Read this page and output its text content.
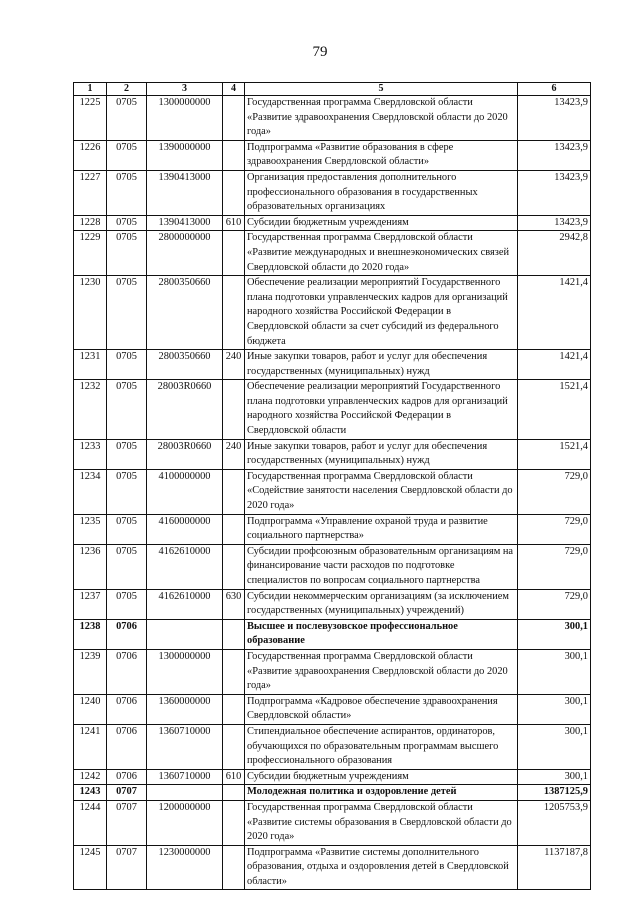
79
1	2	3	4	5	6
1225	0705	1300000000		Государственная программа Свердловской области «Развитие здравоохранения Свердловской области до 2020 года»	13423,9
1226	0705	1390000000		Подпрограмма «Развитие образования в сфере здравоохранения Свердловской области»	13423,9
1227	0705	1390413000		Организация предоставления дополнительного профессионального образования в государственных образовательных организациях	13423,9
1228	0705	1390413000	610	Субсидии бюджетным учреждениям	13423,9
1229	0705	2800000000		Государственная программа Свердловской области «Развитие международных и внешнеэкономических связей Свердловской области до 2020 года»	2942,8
1230	0705	2800350660		Обеспечение реализации мероприятий Государственного плана подготовки управленческих кадров для организаций народного хозяйства Российской Федерации в Свердловской области за счет субсидий из федерального бюджета	1421,4
1231	0705	2800350660	240	Иные закупки товаров, работ и услуг для обеспечения государственных (муниципальных) нужд	1421,4
1232	0705	28003R0660		Обеспечение реализации мероприятий Государственного плана подготовки управленческих кадров для организаций народного хозяйства Российской Федерации в Свердловской области	1521,4
1233	0705	28003R0660	240	Иные закупки товаров, работ и услуг для обеспечения государственных (муниципальных) нужд	1521,4
1234	0705	4100000000		Государственная программа Свердловской области «Содействие занятости населения Свердловской области до 2020 года»	729,0
1235	0705	4160000000		Подпрограмма «Управление охраной труда и развитие социального партнерства»	729,0
1236	0705	4162610000		Субсидии профсоюзным образовательным организациям на финансирование части расходов по подготовке специалистов по вопросам социального партнерства	729,0
1237	0705	4162610000	630	Субсидии некоммерческим организациям (за исключением государственных (муниципальных) учреждений)	729,0
1238	0706			Высшее и послевузовское профессиональное образование	300,1
1239	0706	1300000000		Государственная программа Свердловской области «Развитие здравоохранения Свердловской области до 2020 года»	300,1
1240	0706	1360000000		Подпрограмма «Кадровое обеспечение здравоохранения Свердловской области»	300,1
1241	0706	1360710000		Стипендиальное обеспечение аспирантов, ординаторов, обучающихся по образовательным программам высшего профессионального образования	300,1
1242	0706	1360710000	610	Субсидии бюджетным учреждениям	300,1
1243	0707			Молодежная политика и оздоровление детей	1387125,9
1244	0707	1200000000		Государственная программа Свердловской области «Развитие системы образования в Свердловской области до 2020 года»	1205753,9
1245	0707	1230000000		Подпрограмма «Развитие системы дополнительного образования, отдыха и оздоровления детей в Свердловской области»	1137187,8
